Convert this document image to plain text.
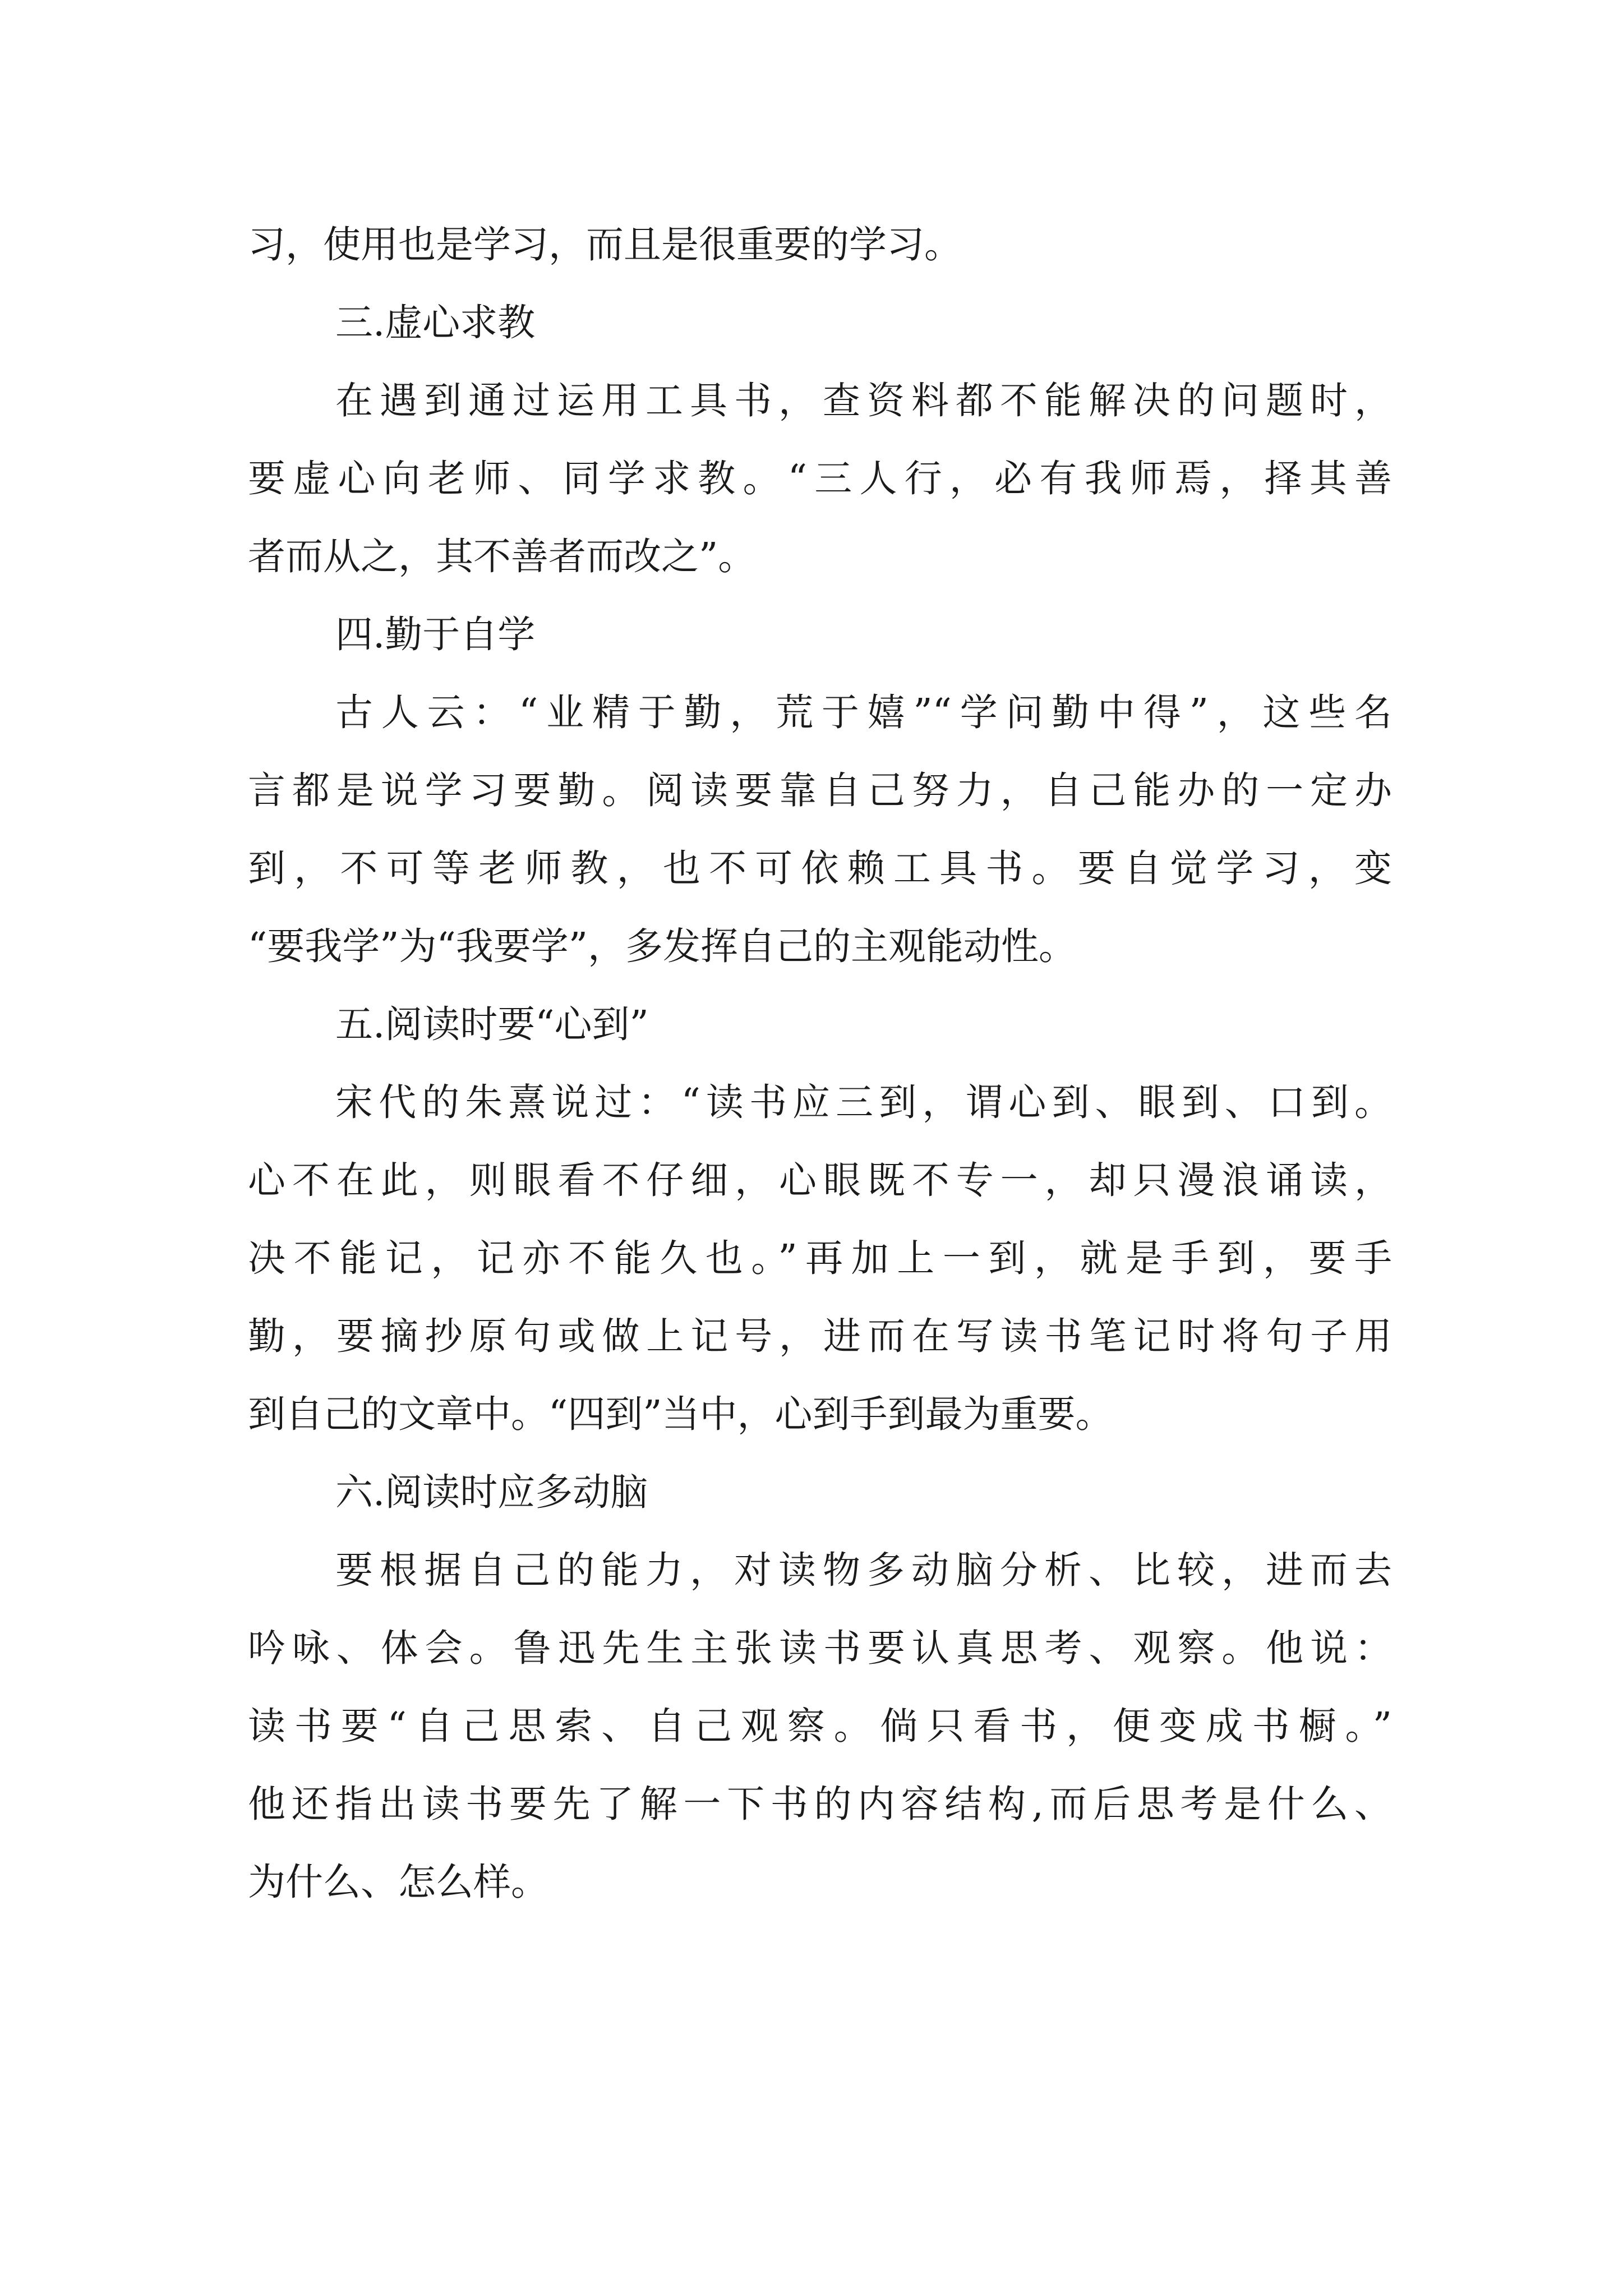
习，使用也是学习，而且是很重要的学习。
三.虚心求教
在遇到通过运用工具书，查资料都不能解决的问题时，
要虚心向老师、同学求教。“三人行，必有我师焉，择其善
者而从之，其不善者而改之”。
四.勤于自学
古人云：“业精于勤，荒于嬉”“学问勤中得”，这些名
言都是说学习要勤。阅读要靠自己努力，自己能办的一定办
到，不可等老师教，也不可依赖工具书。要自觉学习，变
“要我学”为“我要学”，多发挥自己的主观能动性。
五.阅读时要“心到”
宋代的朱熹说过：“读书应三到，谓心到、眼到、口到。
心不在此，则眼看不仔细，心眼既不专一，却只漫浪诵读，
决不能记，记亦不能久也。”再加上一到，就是手到，要手
勤，要摘抄原句或做上记号，进而在写读书笔记时将句子用
到自己的文章中。“四到”当中，心到手到最为重要。
六.阅读时应多动脑
要根据自己的能力，对读物多动脑分析、比较，进而去
吟咏、体会。鲁迅先生主张读书要认真思考、观察。他说：
读书要“自己思索、自己观察。倘只看书，便变成书橱。”
他还指出读书要先了解一下书的内容结构,而后思考是什么、
为什么、怎么样。
